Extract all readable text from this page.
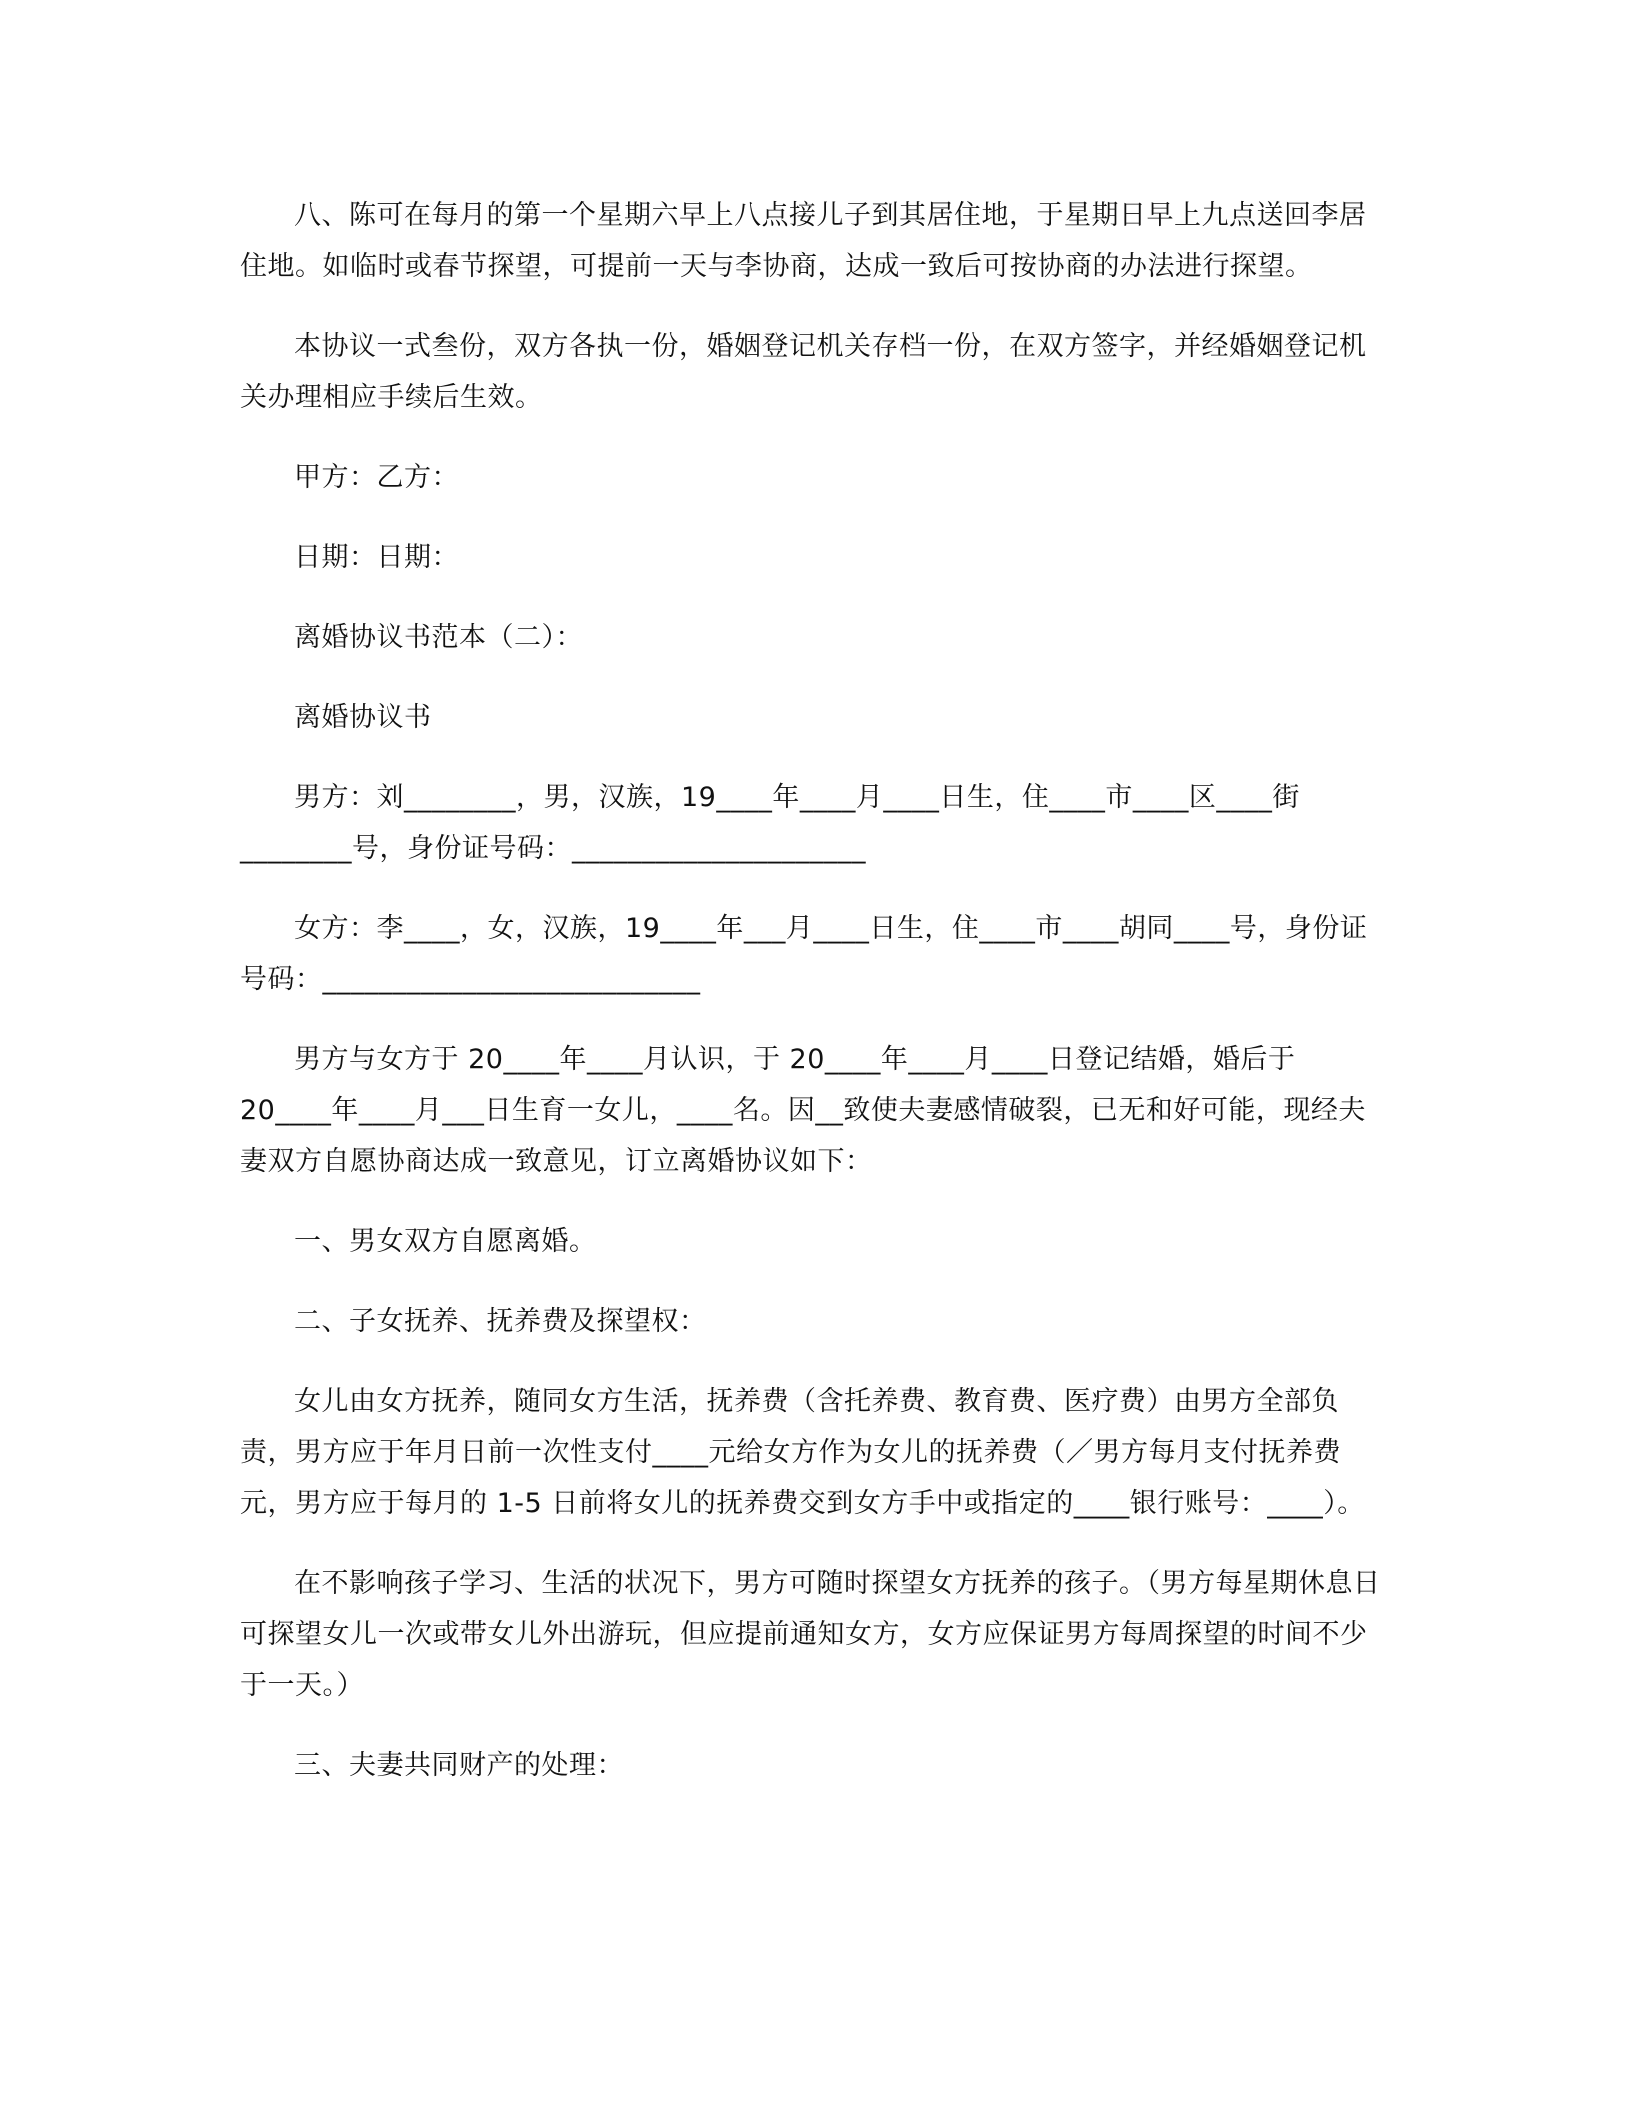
八、陈可在每月的第一个星期六早上八点接儿子到其居住地，于星期日早上九点送回李居住地。如临时或春节探望，可提前一天与李协商，达成一致后可按协商的办法进行探望。

本协议一式叁份，双方各执一份，婚姻登记机关存档一份，在双方签字，并经婚姻登记机关办理相应手续后生效。

甲方：乙方：

日期：日期：

离婚协议书范本（二）：

离婚协议书

男方：刘________，男，汉族，19____年____月____日生，住____市____区____街________号，身份证号码：_____________________

女方：李____，女，汉族，19____年___月____日生，住____市____胡同____号，身份证号码：___________________________

男方与女方于 20____年____月认识，于 20____年____月____日登记结婚，婚后于 20____年____月___日生育一女儿，____名。因__致使夫妻感情破裂，已无和好可能，现经夫妻双方自愿协商达成一致意见，订立离婚协议如下：

一、男女双方自愿离婚。

二、子女抚养、抚养费及探望权：

女儿由女方抚养，随同女方生活，抚养费（含托养费、教育费、医疗费）由男方全部负责，男方应于年月日前一次性支付____元给女方作为女儿的抚养费（／男方每月支付抚养费元，男方应于每月的 1-5 日前将女儿的抚养费交到女方手中或指定的____银行账号：____）。

在不影响孩子学习、生活的状况下，男方可随时探望女方抚养的孩子。（男方每星期休息日可探望女儿一次或带女儿外出游玩，但应提前通知女方，女方应保证男方每周探望的时间不少于一天。）

三、夫妻共同财产的处理：
